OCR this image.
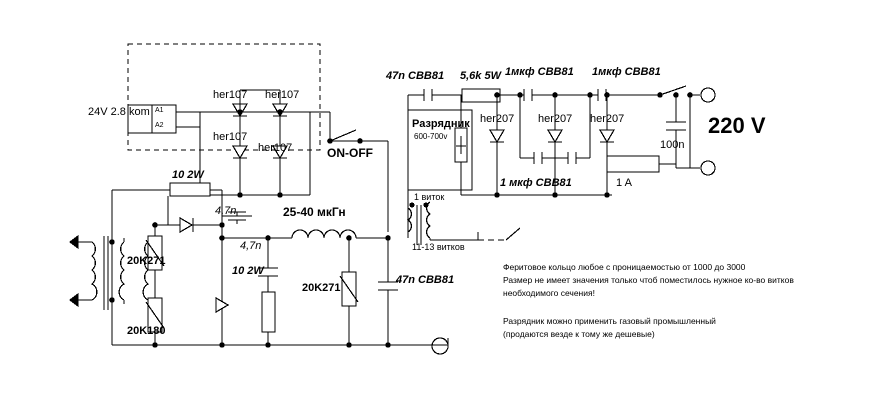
24V 2.8 kom A1
A2
her107 her107
her107
her107	ON-OFF
10 2W
10 2W
4,7n
4,7n
20K271
20K180
20K271
25-40 мкГн
47n CBB81
47n CBB81 5,6k 5W 1мкф CBB81 1мкф CBB81
1 мкф CBB81
Разрядник
600-700v
her207 her207 her207
1 A
100n
220 V
1 виток
11-13 витков
Феритовое кольцо любое с проницаемостью от 1000 до 3000
Размер не имеет значения только чтоб поместилось нужное ко-во витков
необходимого сечения!
Разрядник можно применить газовый промышленный
(продаются везде к тому же дешевые)
